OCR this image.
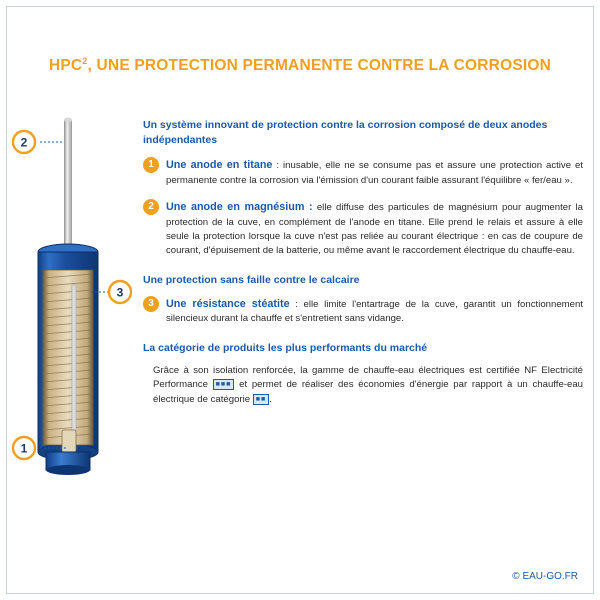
HPC$^2$, UNE PROTECTION PERMANENTE CONTRE LA CORROSION
2
3
1
Un système innovant de protection contre la corrosion composé de deux anodes indépendantes
1	Une anode en titane : inusable, elle ne se consume pas et assure une protection active et permanente contre la corrosion via l'émission d'un courant faible assurant l'équilibre « fer/eau ».
2	Une anode en magnésium : elle diffuse des particules de magnésium pour augmenter la protection de la cuve, en complément de l'anode en titane. Elle prend le relais et assure à elle seule la protection lorsque la cuve n'est pas reliée au courant électrique : en cas de coupure de courant, d'épuisement de la batterie, ou même avant le raccordement électrique du chauffe-eau.
Une protection sans faille contre le calcaire
3	Une résistance stéatite : elle limite l'entartrage de la cuve, garantit un fonctionnement silencieux durant la chauffe et s'entretient sans vidange.
La catégorie de produits les plus performants du marché
Grâce à son isolation renforcée, la gamme de chauffe-eau électriques est certifiée NF Electricité Performance ■■■ et permet de réaliser des économies d'énergie par rapport à un chauffe-eau électrique de catégorie ■■ .
© EAU-GO.FR
